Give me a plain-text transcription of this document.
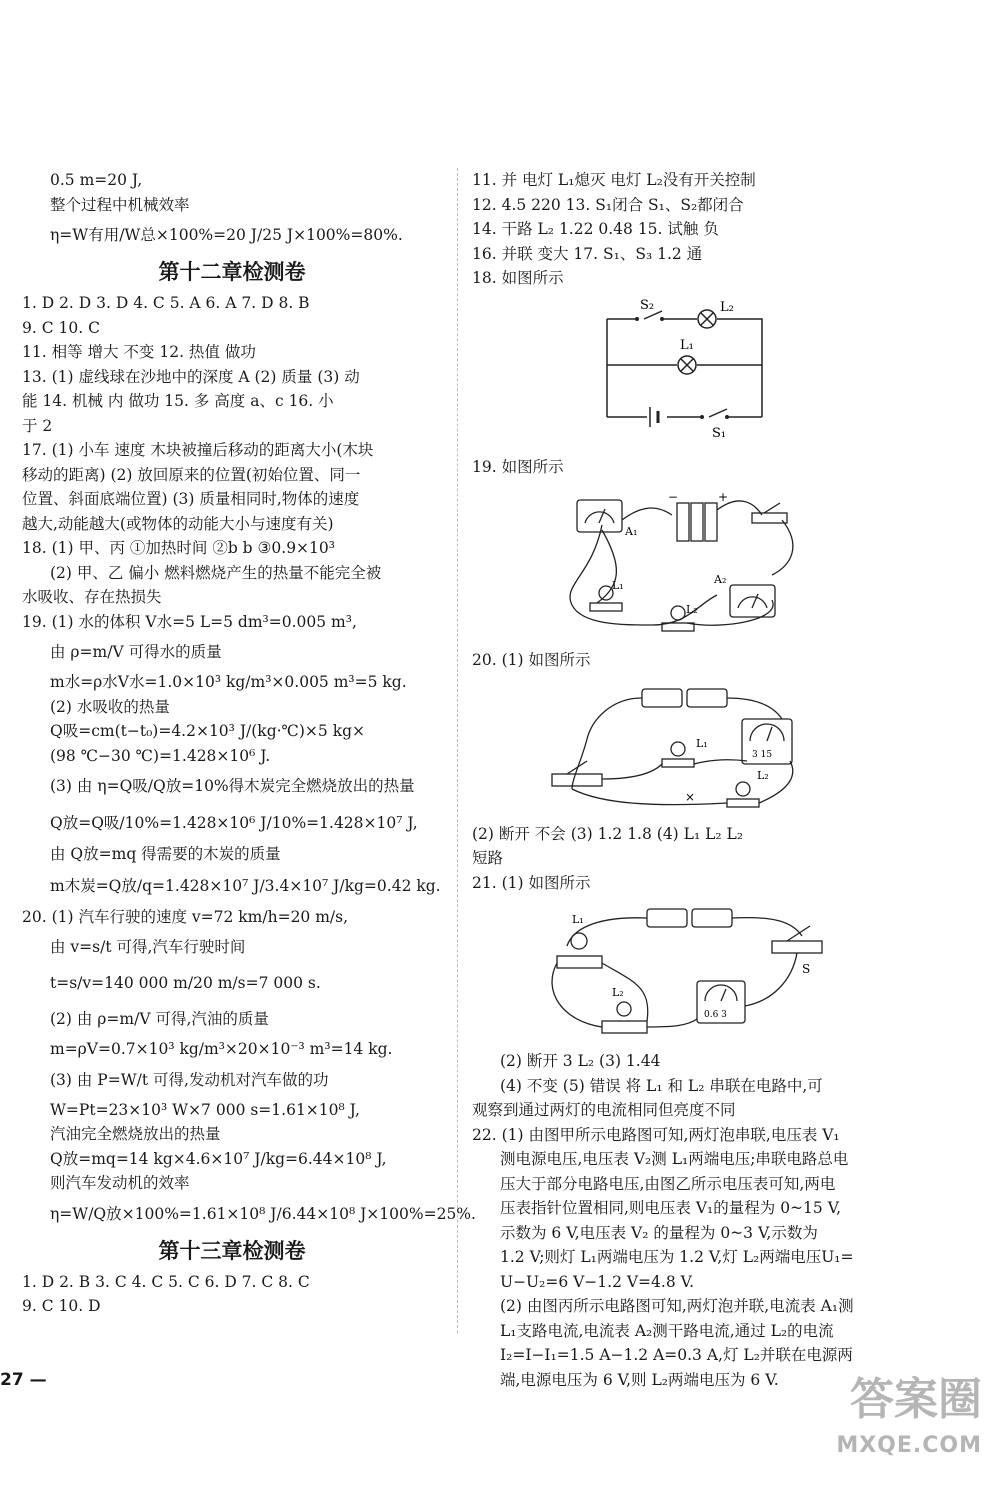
0.5 m=20 J,
整个过程中机械效率
η=W有用/W总×100%=20 J/25 J×100%=80%.
第十二章检测卷
1. D 2. D 3. D 4. C 5. A 6. A 7. D 8. B
9. C 10. C
11. 相等 增大 不变 12. 热值 做功
13. (1) 虚线球在沙地中的深度 A (2) 质量 (3) 动
能 14. 机械 内 做功 15. 多 高度 a、c 16. 小
于 2
17. (1) 小车 速度 木块被撞后移动的距离大小(木块
移动的距离) (2) 放回原来的位置(初始位置、同一
位置、斜面底端位置) (3) 质量相同时,物体的速度
越大,动能越大(或物体的动能大小与速度有关)
18. (1) 甲、丙 ①加热时间 ②b b ③0.9×10³
(2) 甲、乙 偏小 燃料燃烧产生的热量不能完全被
水吸收、存在热损失
19. (1) 水的体积 V水=5 L=5 dm³=0.005 m³,
由 ρ=m/V 可得水的质量
m水=ρ水V水=1.0×10³ kg/m³×0.005 m³=5 kg.
(2) 水吸收的热量
Q吸=cm(t−t₀)=4.2×10³ J/(kg·℃)×5 kg×
(98 ℃−30 ℃)=1.428×10⁶ J.
(3) 由 η=Q吸/Q放=10%得木炭完全燃烧放出的热量
Q放=Q吸/10%=1.428×10⁶ J/10%=1.428×10⁷ J,
由 Q放=mq 得需要的木炭的质量
m木炭=Q放/q=1.428×10⁷ J/3.4×10⁷ J/kg=0.42 kg.
20. (1) 汽车行驶的速度 v=72 km/h=20 m/s,
由 v=s/t 可得,汽车行驶时间
t=s/v=140 000 m/20 m/s=7 000 s.
(2) 由 ρ=m/V 可得,汽油的质量
m=ρV=0.7×10³ kg/m³×20×10⁻³ m³=14 kg.
(3) 由 P=W/t 可得,发动机对汽车做的功
W=Pt=23×10³ W×7 000 s=1.61×10⁸ J,
汽油完全燃烧放出的热量
Q放=mq=14 kg×4.6×10⁷ J/kg=6.44×10⁸ J,
则汽车发动机的效率
η=W/Q放×100%=1.61×10⁸ J/6.44×10⁸ J×100%=25%.
第十三章检测卷
1. D 2. B 3. C 4. C 5. C 6. D 7. C 8. C
9. C 10. D
11. 并 电灯 L₁熄灭 电灯 L₂没有开关控制
12. 4.5 220 13. S₁闭合 S₁、S₂都闭合
14. 干路 L₂ 1.22 0.48 15. 试触 负
16. 并联 变大 17. S₁、S₃ 1.2 通
18. 如图所示
S₂	L₂
L₁
S₁
19. 如图所示
A₁
A₂
L₁
L₂
−	+
20. (1) 如图所示
×
L₁
L₂
3 15
(2) 断开 不会 (3) 1.2 1.8 (4) L₁ L₂ L₂
短路
21. (1) 如图所示
L₁
L₂
S
0.6 3
(2) 断开 3 L₂ (3) 1.44
(4) 不变 (5) 错误 将 L₁ 和 L₂ 串联在电路中,可
观察到通过两灯的电流相同但亮度不同
22. (1) 由图甲所示电路图可知,两灯泡串联,电压表 V₁
测电源电压,电压表 V₂测 L₁两端电压;串联电路总电
压大于部分电路电压,由图乙所示电压表可知,两电
压表指针位置相同,则电压表 V₁的量程为 0~15 V,
示数为 6 V,电压表 V₂ 的量程为 0~3 V,示数为
1.2 V;则灯 L₁两端电压为 1.2 V,灯 L₂两端电压U₁=
U−U₂=6 V−1.2 V=4.8 V.
(2) 由图丙所示电路图可知,两灯泡并联,电流表 A₁测
L₁支路电流,电流表 A₂测干路电流,通过 L₂的电流
I₂=I−I₁=1.5 A−1.2 A=0.3 A,灯 L₂并联在电源两
端,电源电压为 6 V,则 L₂两端电压为 6 V.
27 —	答案圈
MXQE.COM
